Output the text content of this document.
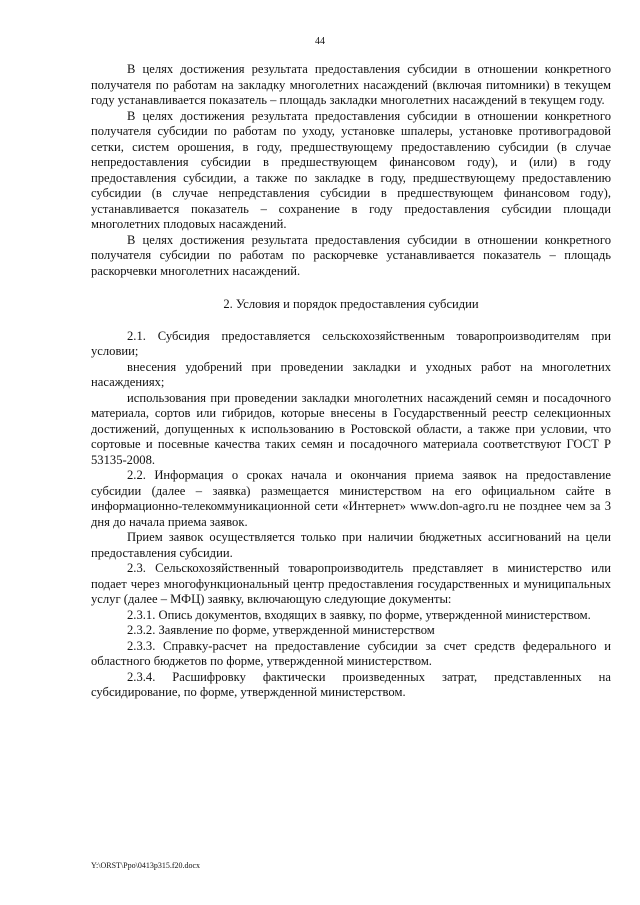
44

В целях достижения результата предоставления субсидии в отношении конкретного получателя по работам на закладку многолетних насаждений (включая питомники) в текущем году устанавливается показатель – площадь закладки многолетних насаждений в текущем году.

В целях достижения результата предоставления субсидии в отношении конкретного получателя субсидии по работам по уходу, установке шпалеры, установке противоградовой сетки, систем орошения, в году, предшествующему предоставлению субсидии (в случае непредоставления субсидии в предшествующем финансовом году), и (или) в году предоставления субсидии, а также по закладке в году, предшествующему предоставлению субсидии (в случае непредставления субсидии в предшествующем финансовом году), устанавливается показатель – сохранение в году предоставления субсидии площади многолетних плодовых насаждений.

В целях достижения результата предоставления субсидии в отношении конкретного получателя субсидии по работам по раскорчевке устанавливается показатель – площадь раскорчевки многолетних насаждений.

2. Условия и порядок предоставления субсидии

2.1. Субсидия предоставляется сельскохозяйственным товаропроизводителям при условии;

внесения удобрений при проведении закладки и уходных работ на многолетних насаждениях;

использования при проведении закладки многолетних насаждений семян и посадочного материала, сортов или гибридов, которые внесены в Государственный реестр селекционных достижений, допущенных к использованию в Ростовской области, а также при условии, что сортовые и посевные качества таких семян и посадочного материала соответствуют ГОСТ Р 53135-2008.

2.2. Информация о сроках начала и окончания приема заявок на предоставление субсидии (далее – заявка) размещается министерством на его официальном сайте в информационно-телекоммуникационной сети «Интернет» www.don-agro.ru не позднее чем за 3 дня до начала приема заявок.

Прием заявок осуществляется только при наличии бюджетных ассигнований на цели предоставления субсидии.

2.3. Сельскохозяйственный товаропроизводитель представляет в министерство или подает через многофункциональный центр предоставления государственных и муниципальных услуг (далее – МФЦ) заявку, включающую следующие документы:

2.3.1. Опись документов, входящих в заявку, по форме, утвержденной министерством.

2.3.2. Заявление по форме, утвержденной министерством

2.3.3. Справку-расчет на предоставление субсидии за счет средств федерального и областного бюджетов по форме, утвержденной министерством.

2.3.4. Расшифровку фактически произведенных затрат, представленных на субсидирование, по форме, утвержденной министерством.

Y:\ORST\Ppo\0413p315.f20.docx
